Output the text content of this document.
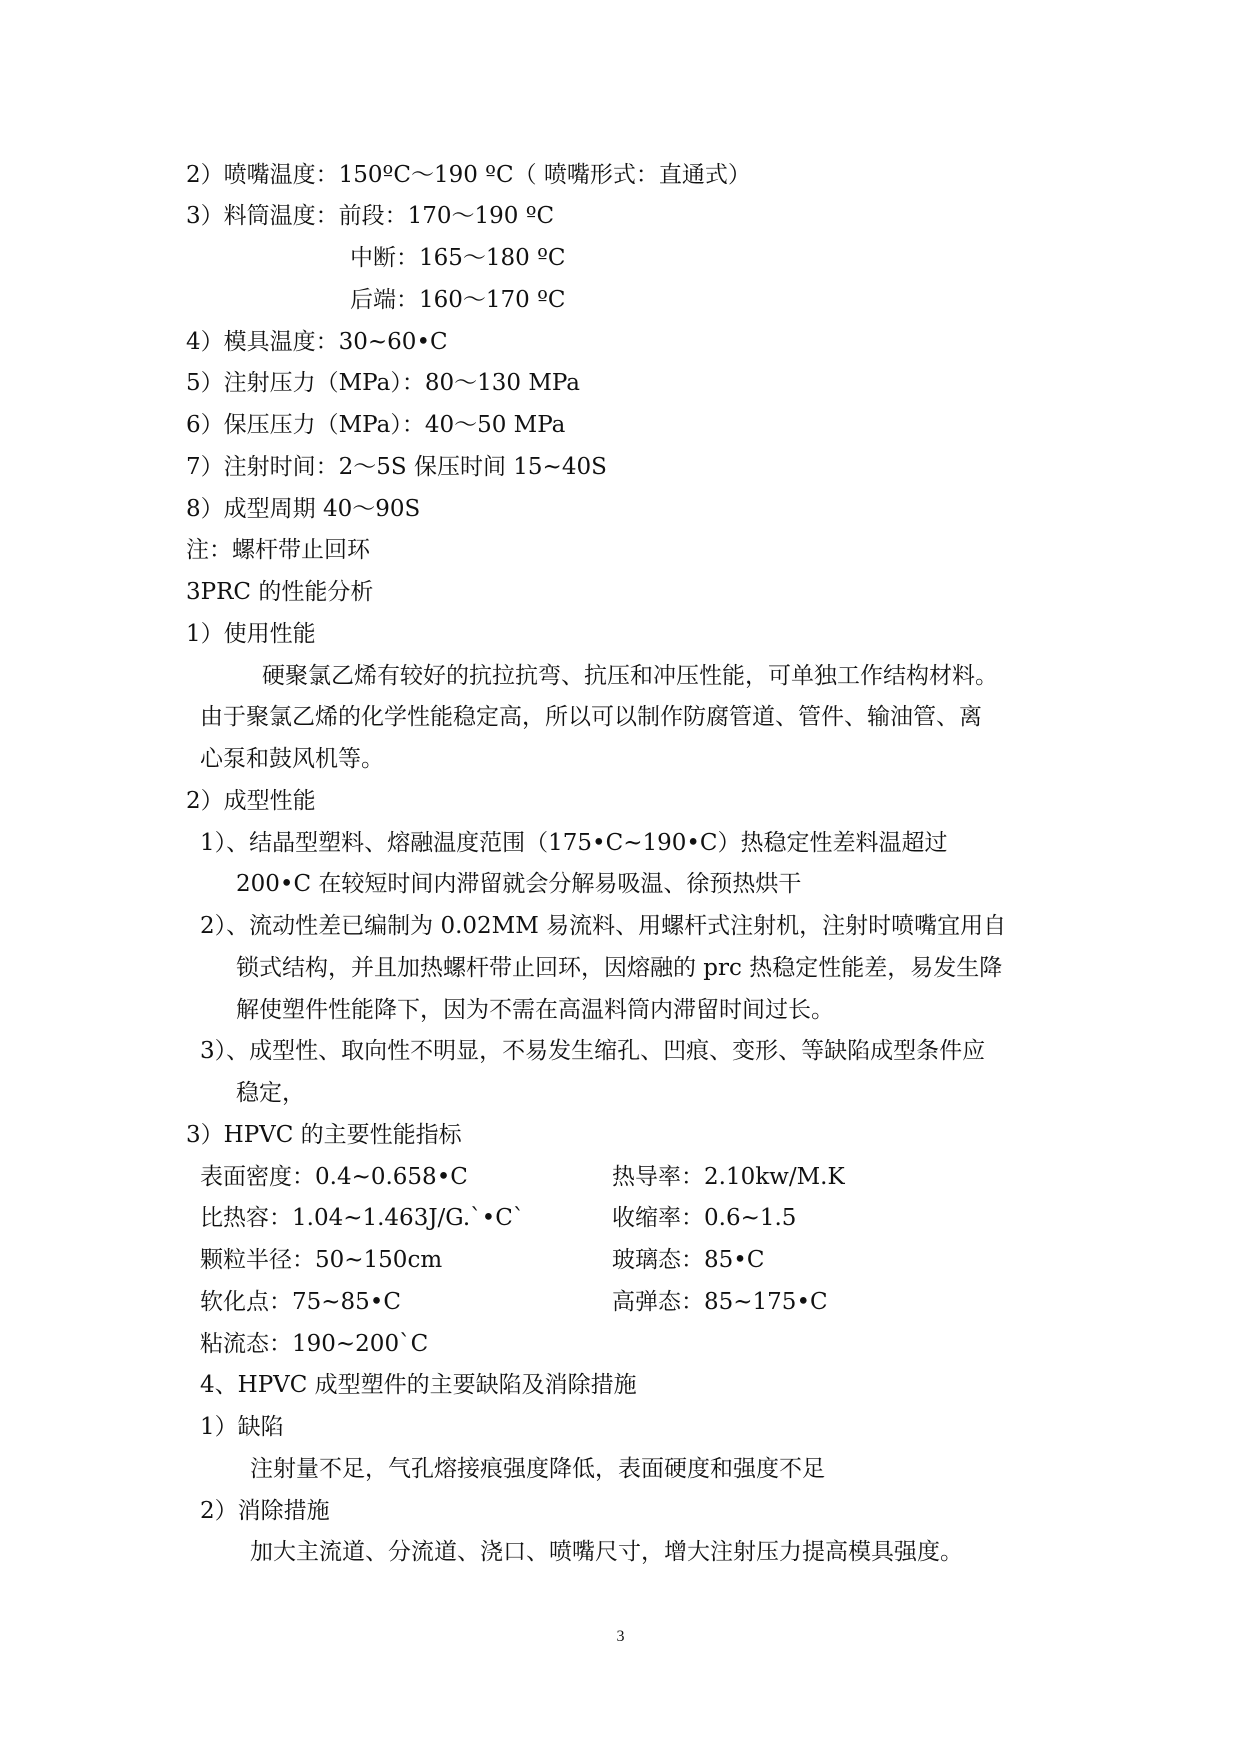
2）喷嘴温度：150ºC～190 ºC（ 喷嘴形式：直通式）
3）料筒温度：前段：170～190 ºC
中断：165～180 ºC
后端：160～170 ºC
4）模具温度：30~60•C
5）注射压力（MPa）：80～130 MPa
6）保压压力（MPa）：40～50 MPa
7）注射时间：2～5S 保压时间 15~40S
8）成型周期 40～90S
注：螺杆带止回环
3PRC 的性能分析
1）使用性能
硬聚氯乙烯有较好的抗拉抗弯、抗压和冲压性能，可单独工作结构材料。
由于聚氯乙烯的化学性能稳定高，所以可以制作防腐管道、管件、输油管、离
心泵和鼓风机等。
2）成型性能
1）、结晶型塑料、熔融温度范围（175•C~190•C）热稳定性差料温超过
200•C 在较短时间内滞留就会分解易吸温、徐预热烘干
2）、流动性差已编制为 0.02MM 易流料、用螺杆式注射机，注射时喷嘴宜用自
锁式结构，并且加热螺杆带止回环，因熔融的 prc 热稳定性能差，易发生降
解使塑件性能降下，因为不需在高温料筒内滞留时间过长。
3）、成型性、取向性不明显，不易发生缩孔、凹痕、变形、等缺陷成型条件应
稳定，
3）HPVC 的主要性能指标
表面密度：0.4~0.658•C	热导率：2.10kw/M.K
比热容：1.04~1.463J/G.`•C`	收缩率：0.6~1.5
颗粒半径：50~150cm	玻璃态：85•C
软化点：75~85•C	高弹态：85~175•C
粘流态：190~200`C
4、HPVC 成型塑件的主要缺陷及消除措施
1）缺陷
注射量不足，气孔熔接痕强度降低，表面硬度和强度不足
2）消除措施
加大主流道、分流道、浇口、喷嘴尺寸，增大注射压力提高模具强度。
3
